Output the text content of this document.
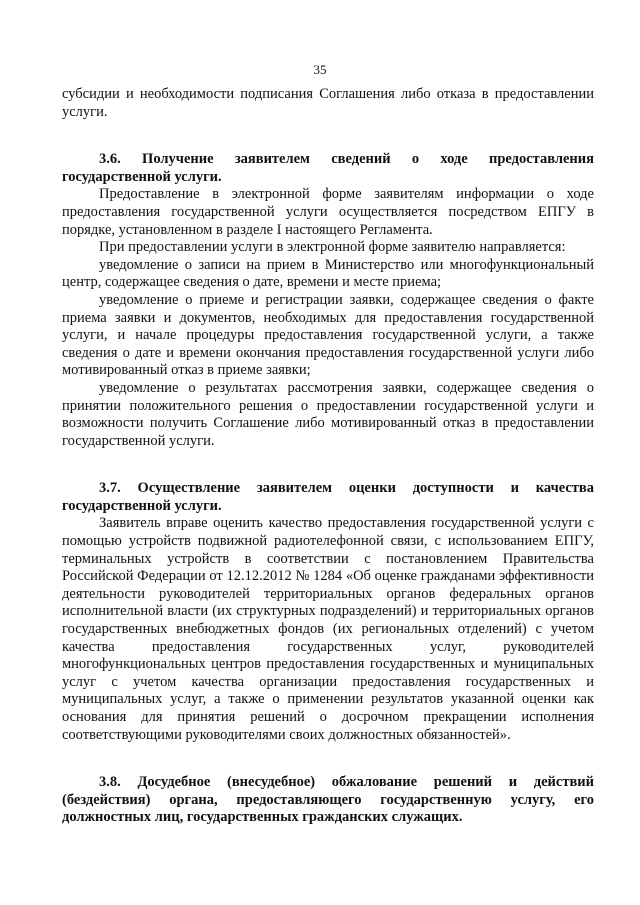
35

субсидии и необходимости подписания Соглашения либо отказа в предоставлении услуги.

3.6. Получение заявителем сведений о ходе предоставления государственной услуги.

Предоставление в электронной форме заявителям информации о ходе предоставления государственной услуги осуществляется посредством ЕПГУ в порядке, установленном в разделе I настоящего Регламента.

При предоставлении услуги в электронной форме заявителю направляется:

уведомление о записи на прием в Министерство или многофункциональный центр, содержащее сведения о дате, времени и месте приема;

уведомление о приеме и регистрации заявки, содержащее сведения о факте приема заявки и документов, необходимых для предоставления государственной услуги, и начале процедуры предоставления государственной услуги, а также сведения о дате и времени окончания предоставления государственной услуги либо мотивированный отказ в приеме заявки;

уведомление о результатах рассмотрения заявки, содержащее сведения о принятии положительного решения о предоставлении государственной услуги и возможности получить Соглашение либо мотивированный отказ в предоставлении государственной услуги.

3.7. Осуществление заявителем оценки доступности и качества государственной услуги.

Заявитель вправе оценить качество предоставления государственной услуги с помощью устройств подвижной радиотелефонной связи, с использованием ЕПГУ, терминальных устройств в соответствии с постановлением Правительства Российской Федерации от 12.12.2012 № 1284 «Об оценке гражданами эффективности деятельности руководителей территориальных органов федеральных органов исполнительной власти (их структурных подразделений) и территориальных органов государственных внебюджетных фондов (их региональных отделений) с учетом качества предоставления государственных услуг, руководителей многофункциональных центров предоставления государственных и муниципальных услуг с учетом качества организации предоставления государственных и муниципальных услуг, а также о применении результатов указанной оценки как основания для принятия решений о досрочном прекращении исполнения соответствующими руководителями своих должностных обязанностей».

3.8. Досудебное (внесудебное) обжалование решений и действий (бездействия) органа, предоставляющего государственную услугу, его должностных лиц, государственных гражданских служащих.
